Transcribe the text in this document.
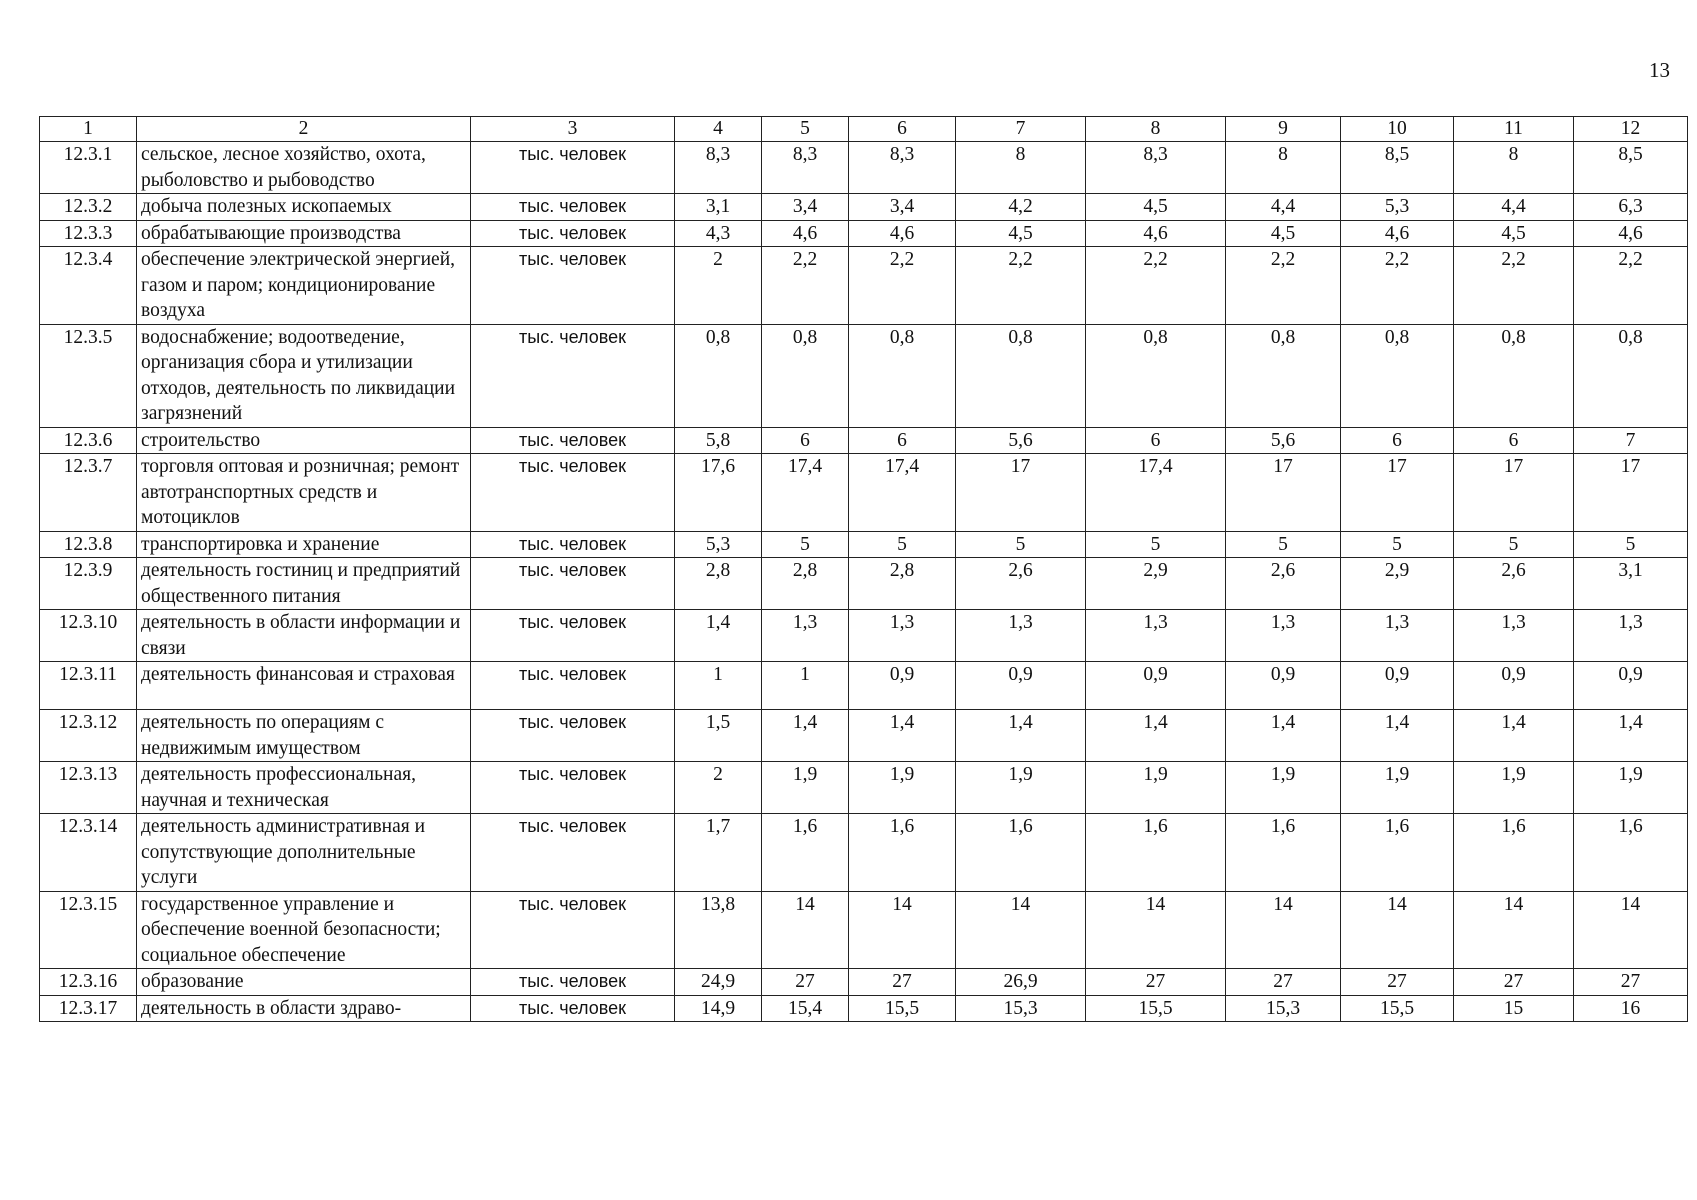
13
1	2	3	4	5	6	7	8	9	10	11	12
12.3.1	сельское, лесное хозяйство, охота, рыболовство и рыбоводство	тыс. человек	8,3	8,3	8,3	8	8,3	8	8,5	8	8,5
12.3.2	добыча полезных ископаемых	тыс. человек	3,1	3,4	3,4	4,2	4,5	4,4	5,3	4,4	6,3
12.3.3	обрабатывающие производства	тыс. человек	4,3	4,6	4,6	4,5	4,6	4,5	4,6	4,5	4,6
12.3.4	обеспечение электрической энергией, газом и паром; кондиционирование воздуха	тыс. человек	2	2,2	2,2	2,2	2,2	2,2	2,2	2,2	2,2
12.3.5	водоснабжение; водоотведение, организация сбора и утилизации отходов, деятельность по ликвидации загрязнений	тыс. человек	0,8	0,8	0,8	0,8	0,8	0,8	0,8	0,8	0,8
12.3.6	строительство	тыс. человек	5,8	6	6	5,6	6	5,6	6	6	7
12.3.7	торговля оптовая и розничная; ремонт автотранспортных средств и мотоциклов	тыс. человек	17,6	17,4	17,4	17	17,4	17	17	17	17
12.3.8	транспортировка и хранение	тыс. человек	5,3	5	5	5	5	5	5	5	5
12.3.9	деятельность гостиниц и предприятий общественного питания	тыс. человек	2,8	2,8	2,8	2,6	2,9	2,6	2,9	2,6	3,1
12.3.10	деятельность в области информации и связи	тыс. человек	1,4	1,3	1,3	1,3	1,3	1,3	1,3	1,3	1,3
12.3.11	деятельность финансовая и страховая	тыс. человек	1	1	0,9	0,9	0,9	0,9	0,9	0,9	0,9
12.3.12	деятельность по операциям с недвижимым имуществом	тыс. человек	1,5	1,4	1,4	1,4	1,4	1,4	1,4	1,4	1,4
12.3.13	деятельность профессиональная, научная и техническая	тыс. человек	2	1,9	1,9	1,9	1,9	1,9	1,9	1,9	1,9
12.3.14	деятельность административная и сопутствующие дополнительные услуги	тыс. человек	1,7	1,6	1,6	1,6	1,6	1,6	1,6	1,6	1,6
12.3.15	государственное управление и обеспечение военной безопасности; социальное обеспечение	тыс. человек	13,8	14	14	14	14	14	14	14	14
12.3.16	образование	тыс. человек	24,9	27	27	26,9	27	27	27	27	27
12.3.17	деятельность в области здраво-	тыс. человек	14,9	15,4	15,5	15,3	15,5	15,3	15,5	15	16
